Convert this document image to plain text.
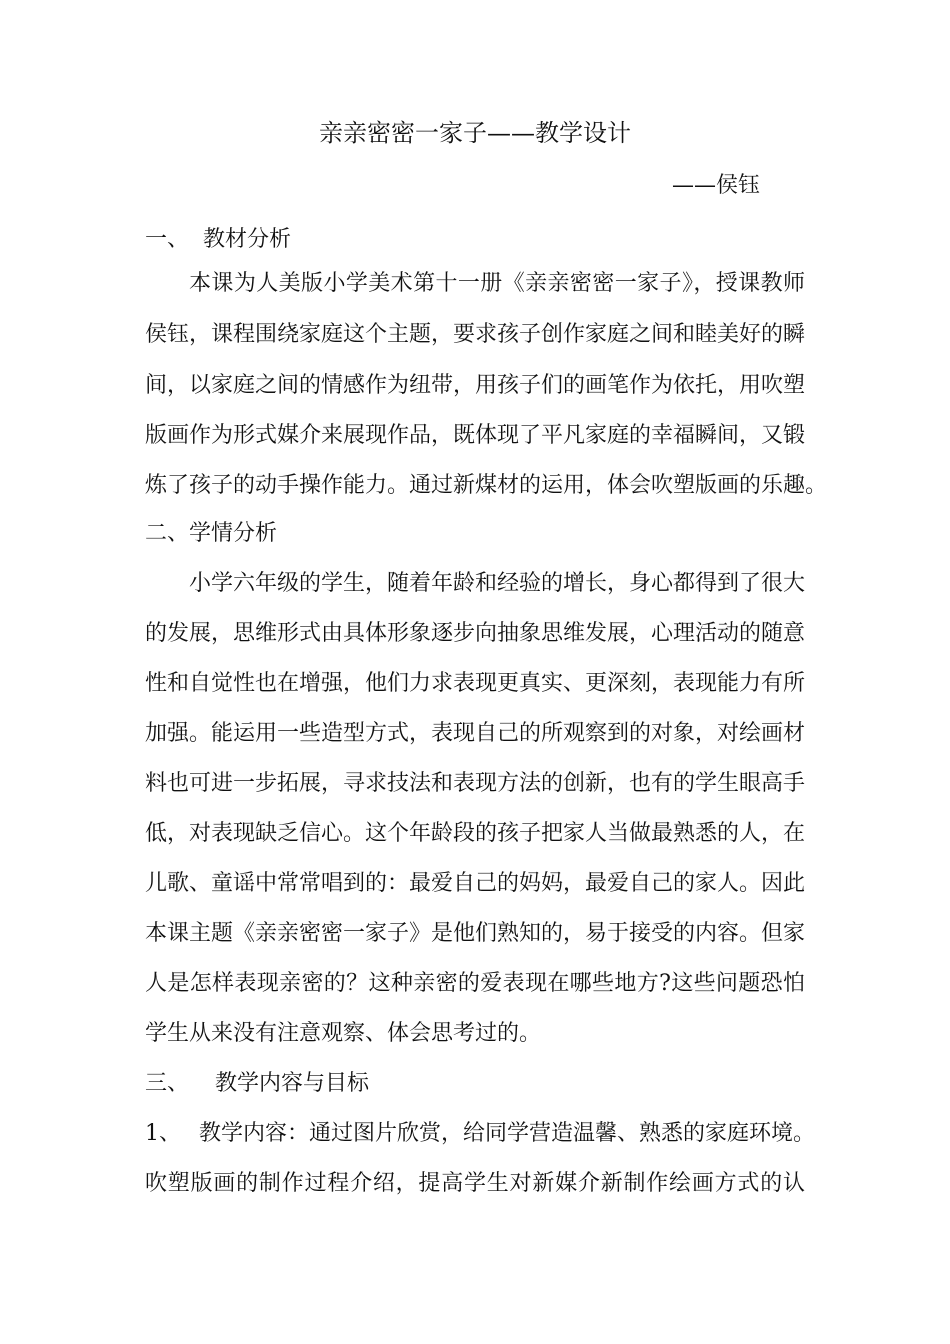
亲亲密密一家子——教学设计
——侯钰
一、 教材分析
本课为人美版小学美术第十一册《亲亲密密一家子》，授课教师
侯钰，课程围绕家庭这个主题，要求孩子创作家庭之间和睦美好的瞬
间，以家庭之间的情感作为纽带，用孩子们的画笔作为依托，用吹塑
版画作为形式媒介来展现作品，既体现了平凡家庭的幸福瞬间，又锻
炼了孩子的动手操作能力。通过新煤材的运用，体会吹塑版画的乐趣。
二、学情分析
小学六年级的学生，随着年龄和经验的增长，身心都得到了很大
的发展，思维形式由具体形象逐步向抽象思维发展，心理活动的随意
性和自觉性也在增强，他们力求表现更真实、更深刻，表现能力有所
加强。能运用一些造型方式，表现自己的所观察到的对象，对绘画材
料也可进一步拓展，寻求技法和表现方法的创新，也有的学生眼高手
低，对表现缺乏信心。这个年龄段的孩子把家人当做最熟悉的人，在
儿歌、童谣中常常唱到的：最爱自己的妈妈，最爱自己的家人。因此
本课主题《亲亲密密一家子》是他们熟知的，易于接受的内容。但家
人是怎样表现亲密的？这种亲密的爱表现在哪些地方?这些问题恐怕
学生从来没有注意观察、体会思考过的。
三、	教学内容与目标
1、 教学内容：通过图片欣赏，给同学营造温馨、熟悉的家庭环境。
吹塑版画的制作过程介绍，提高学生对新媒介新制作绘画方式的认
